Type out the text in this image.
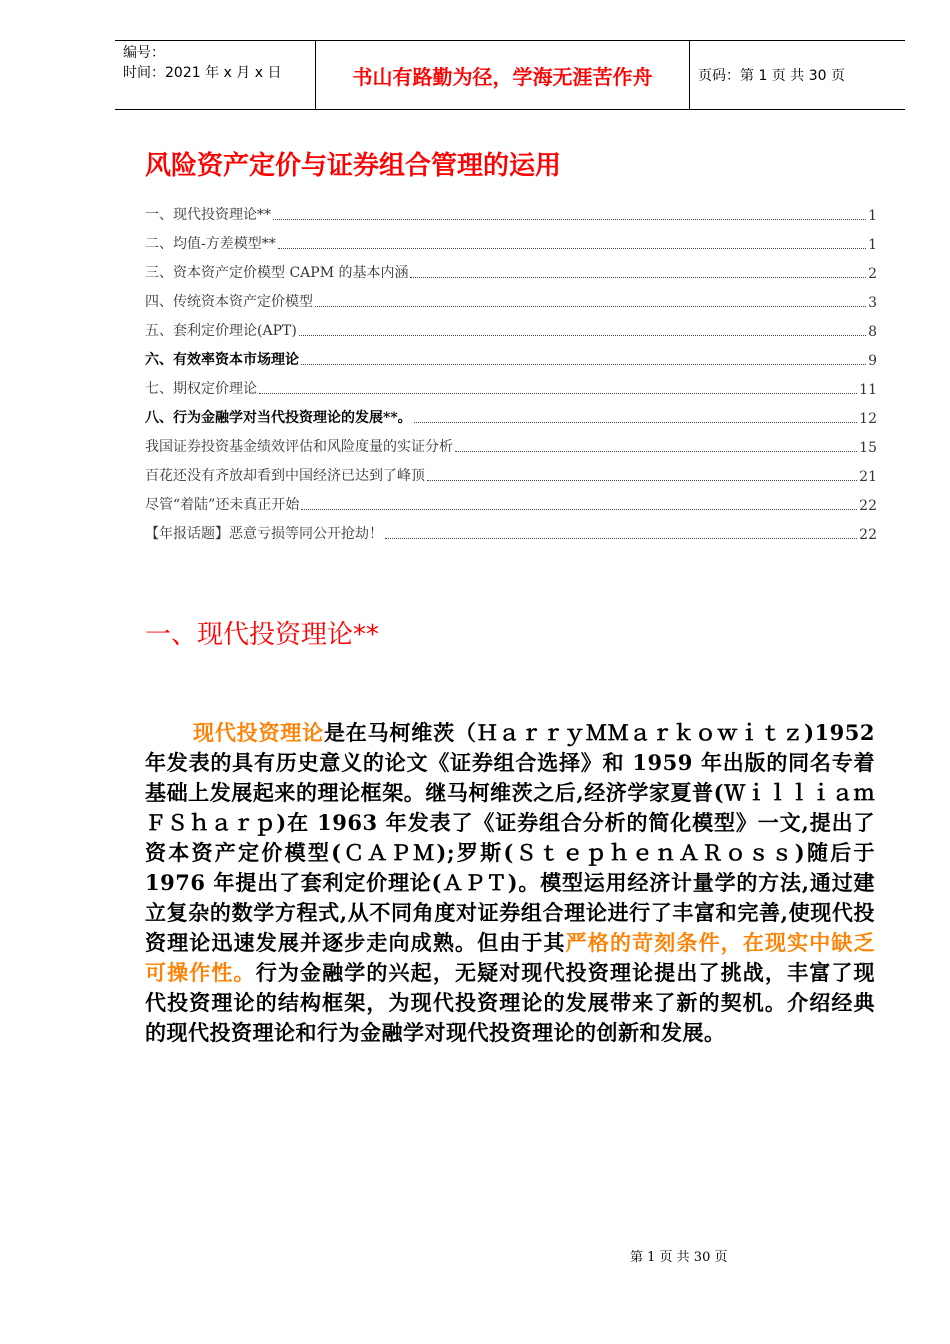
编号：
时间：2021 年 x 月 x 日	书山有路勤为径，学海无涯苦作舟	页码：第 1 页 共 30 页
风险资产定价与证券组合管理的运用
一、现代投资理论**	1
二、均值-方差模型**	1
三、资本资产定价模型 CAPM 的基本内涵	2
四、传统资本资产定价模型	3
五、套利定价理论(APT)	8
六、有效率资本市场理论	9
七、期权定价理论	11
八、行为金融学对当代投资理论的发展**。	12
我国证券投资基金绩效评估和风险度量的实证分析	15
百花还没有齐放却看到中国经济已达到了峰顶	21
尽管“着陆”还未真正开始	22
【年报话题】恶意亏损等同公开抢劫！	22
一、现代投资理论**

现代投资理论是在马柯维茨（ＨａｒｒｙＭＭａｒｋｏｗｉｔｚ)1952 年发表的具有历史意义的论文《证券组合选择》和 1959 年出版的同名专着基础上发展起来的理论框架。继马柯维茨之后,经济学家夏普(ＷｉｌｌｉａｍＦＳｈａｒｐ)在 1963 年发表了《证券组合分析的简化模型》一文,提出了资本资产定价模型(ＣＡＰＭ);罗斯(ＳｔｅｐｈｅｎＡＲｏｓｓ)随后于 1976 年提出了套利定价理论(ＡＰＴ)。模型运用经济计量学的方法,通过建立复杂的数学方程式,从不同角度对证券组合理论进行了丰富和完善,使现代投资理论迅速发展并逐步走向成熟。但由于其严格的苛刻条件，在现实中缺乏可操作性。行为金融学的兴起，无疑对现代投资理论提出了挑战，丰富了现代投资理论的结构框架，为现代投资理论的发展带来了新的契机。介绍经典的现代投资理论和行为金融学对现代投资理论的创新和发展。

第 1 页 共 30 页
